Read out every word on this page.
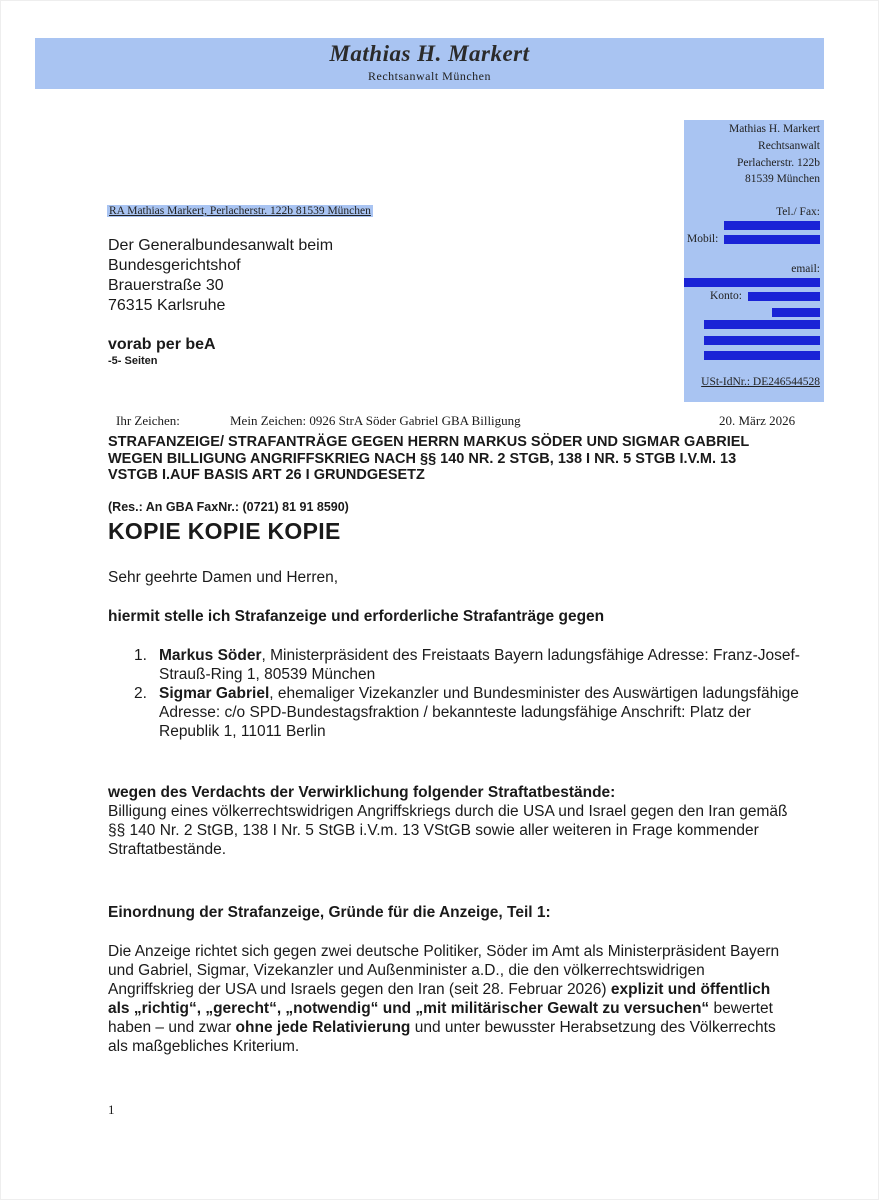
Mathias H. Markert
Rechtsanwalt München
Mathias H. Markert
Rechtsanwalt
Perlacherstr. 122b
81539 München
Tel./ Fax:
Mobil:
email:
Konto:
USt-IdNr.: DE246544528
RA Mathias Markert, Perlacherstr. 122b 81539 München
Der Generalbundesanwalt beim
Bundesgerichtshof
Brauerstraße 30
76315 Karlsruhe
vorab per beA
-5- Seiten
Ihr Zeichen:	Mein Zeichen: 0926 StrA Söder Gabriel GBA Billigung	20. März 2026
STRAFANZEIGE/ STRAFANTRÄGE GEGEN HERRN MARKUS SÖDER UND SIGMAR GABRIEL WEGEN BILLIGUNG ANGRIFFSKRIEG NACH §§ 140 NR. 2 STGB, 138 I NR. 5 STGB I.V.M. 13 VSTGB I.AUF BASIS ART 26 I GRUNDGESETZ
(Res.: An GBA FaxNr.: (0721) 81 91 8590)
KOPIE KOPIE KOPIE
Sehr geehrte Damen und Herren,
hiermit stelle ich Strafanzeige und erforderliche Strafanträge gegen
1. Markus Söder, Ministerpräsident des Freistaats Bayern ladungsfähige Adresse: Franz-Josef-Strauß-Ring 1, 80539 München
2. Sigmar Gabriel, ehemaliger Vizekanzler und Bundesminister des Auswärtigen ladungsfähige Adresse: c/o SPD-Bundestagsfraktion / bekannteste ladungsfähige Anschrift: Platz der Republik 1, 11011 Berlin
wegen des Verdachts der Verwirklichung folgender Straftatbestände:
Billigung eines völkerrechtswidrigen Angriffskriegs durch die USA und Israel gegen den Iran gemäß §§ 140 Nr. 2 StGB, 138 I Nr. 5 StGB i.V.m. 13 VStGB sowie aller weiteren in Frage kommender Straftatbestände.
Einordnung der Strafanzeige, Gründe für die Anzeige, Teil 1:
Die Anzeige richtet sich gegen zwei deutsche Politiker, Söder im Amt als Ministerpräsident Bayern und Gabriel, Sigmar, Vizekanzler und Außenminister a.D., die den völkerrechtswidrigen Angriffskrieg der USA und Israels gegen den Iran (seit 28. Februar 2026) explizit und öffentlich als „richtig“, „gerecht“, „notwendig“ und „mit militärischer Gewalt zu versuchen“ bewertet haben – und zwar ohne jede Relativierung und unter bewusster Herabsetzung des Völkerrechts als maßgebliches Kriterium.
1
